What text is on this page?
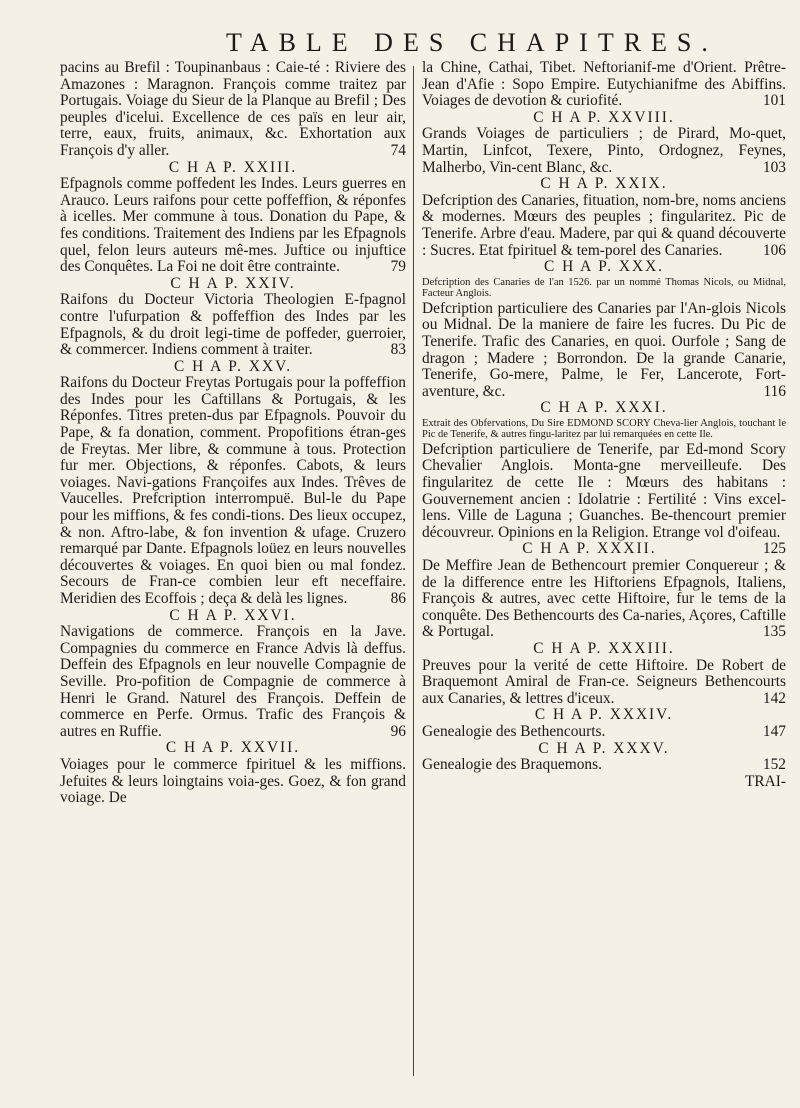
TABLE DES CHAPITRES.

pacins au Brefil : Toupinanbaus : Caie-té : Riviere des Amazones : Maragnon. François comme traitez par Portugais. Voiage du Sieur de la Planque au Brefil ; Des peuples d'icelui. Excellence de ces païs en leur air, terre, eaux, fruits, animaux, &c. Exhortation aux François d'y aller.	74

C H A P. XXIII.

Efpagnols comme poffedent les Indes. Leurs guerres en Arauco. Leurs raifons pour cette poffeffion, & réponfes à icelles. Mer commune à tous. Donation du Pape, & fes conditions. Traitement des Indiens par les Efpagnols quel, felon leurs auteurs mê-mes. Juftice ou injuftice des Conquêtes. La Foi ne doit être contrainte.	79

C H A P. XXIV.

Raifons du Docteur Victoria Theologien E-fpagnol contre l'ufurpation & poffeffion des Indes par les Efpagnols, & du droit legi-time de poffeder, guerroier, & commercer. Indiens comment à traiter.	83

C H A P. XXV.

Raifons du Docteur Freytas Portugais pour la poffeffion des Indes pour les Caftillans & Portugais, & les Réponfes. Titres preten-dus par Efpagnols. Pouvoir du Pape, & fa donation, comment. Propofitions étran-ges de Freytas. Mer libre, & commune à tous. Protection fur mer. Objections, & réponfes. Cabots, & leurs voiages. Navi-gations Françoifes aux Indes. Trêves de Vaucelles. Prefcription interrompuë. Bul-le du Pape pour les miffions, & fes condi-tions. Des lieux occupez, & non. Aftro-labe, & fon invention & ufage. Cruzero remarqué par Dante. Efpagnols loüez en leurs nouvelles découvertes & voiages. En quoi bien ou mal fondez. Secours de Fran-ce combien leur eft neceffaire. Meridien des Ecoffois ; deça & delà les lignes.	86

C H A P. XXVI.

Navigations de commerce. François en la Jave. Compagnies du commerce en France Advis là deffus. Deffein des Efpagnols en leur nouvelle Compagnie de Seville. Pro-pofition de Compagnie de commerce à Henri le Grand. Naturel des François. Deffein de commerce en Perfe. Ormus. Trafic des François & autres en Ruffie.	96

C H A P. XXVII.

Voiages pour le commerce fpirituel & les miffions. Jefuites & leurs loingtains voia-ges. Goez, & fon grand voiage. De

la Chine, Cathai, Tibet. Neftorianif-me d'Orient. Prêtre-Jean d'Afie : Sopo Empire. Eutychianifme des Abiffins. Voiages de devotion & curiofité.	101

C H A P. XXVIII.

Grands Voiages de particuliers ; de Pirard, Mo-quet, Martin, Linfcot, Texere, Pinto, Ordognez, Feynes, Malherbo, Vin-cent Blanc, &c.	103

C H A P. XXIX.

Defcription des Canaries, fituation, nom-bre, noms anciens & modernes. Mœurs des peuples ; fingularitez. Pic de Tenerife. Arbre d'eau. Madere, par qui & quand découverte : Sucres. Etat fpirituel & tem-porel des Canaries.	106

C H A P. XXX.

Defcription des Canaries de l'an 1526. par un nommé Thomas Nicols, ou Midnal, Facteur Anglois.

Defcription particuliere des Canaries par l'An-glois Nicols ou Midnal. De la maniere de faire les fucres. Du Pic de Tenerife. Trafic des Canaries, en quoi. Ourfole ; Sang de dragon ; Madere ; Borrondon. De la grande Canarie, Tenerife, Go-mere, Palme, le Fer, Lancerote, Fort-aventure, &c.	116

C H A P. XXXI.

Extrait des Obfervations, Du Sire EDMOND SCORY Cheva-lier Anglois, touchant le Pic de Tenerife, & autres fingu-laritez par lui remarquées en cette Ile.

Defcription particuliere de Tenerife, par Ed-mond Scory Chevalier Anglois. Monta-gne merveilleufe. Des fingularitez de cette Ile : Mœurs des habitans : Gouvernement ancien : Idolatrie : Fertilité : Vins excel-lens. Ville de Laguna ; Guanches. Be-thencourt premier découvreur. Opinions en la Religion. Etrange vol d'oifeau.
125

C H A P. XXXII.

De Meffire Jean de Bethencourt premier Conquereur ; & de la difference entre les Hiftoriens Efpagnols, Italiens, François & autres, avec cette Hiftoire, fur le tems de la conquête. Des Bethencourts des Ca-naries, Açores, Caftille & Portugal.	135

C H A P. XXXIII.

Preuves pour la verité de cette Hiftoire. De Robert de Braquemont Amiral de Fran-ce. Seigneurs Bethencourts aux Canaries, & lettres d'iceux.	142

C H A P. XXXIV.

Genealogie des Bethencourts.	147

C H A P. XXXV.

Genealogie des Braquemons.	152

TRAI-
